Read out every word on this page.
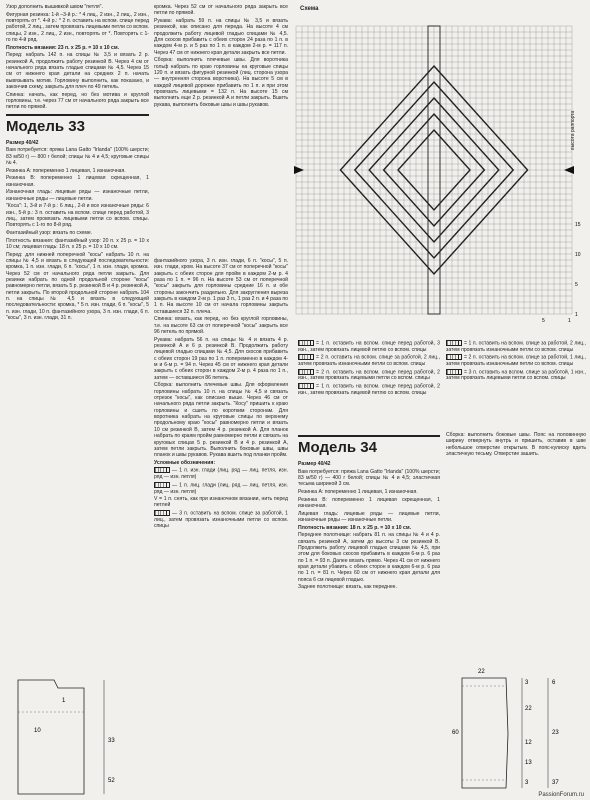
Узор дополнить вышивкой швом "петля".

Фигурная резинка: 1-й –3-й р.: * 4 лиц., 2 изн., 2 лиц., 2 изн., повторять от *. 4-й р.: * 2 п. оставить на вспом. спице перед работой, 2 лиц., затем провязать лицевыми петли со вспом. спицы, 2 изн., 2 лиц., 2 изн., повторять от *. Повторять с 1-го по 4-й ряд.

Плотность вязания: 23 п. х 25 р. = 10 х 10 см.

Перед: набрать 142 п. на спицы № 3,5 и вязать 2 р. резинкой А, продолжить работу резинкой В. Через 4 см от начального ряда вязать гладью спицами № 4,5. Через 15 см от нижнего края детали на средних 2 п. начать вывязывать мотив. Горловину выполнить, как показано, и закончив схему, закрыть для плеч по 49 петель.

Спинка: начать, как перед, но без мотива и круглой горловины, т.е. через 77 см от начального ряда закрыть все петли по прямой.

Модель 33

Размер 40/42

Вам потребуется: пряжа Lana Gatto "Irlanda" (100% шерсти; 83 м/50 г) — 800 г белой; спицы № 4 и 4,5; круговые спицы № 4.

Резинка А: попеременно 1 лицевая, 1 изнаночная.

Резинка В: попеременно 1 лицевая скрещенная, 1 изнаночная.

Изнаночная гладь: лицевые ряды — изнаночные петли, изнаночные ряды — лицевые петли.

"Коса": 1, 3-й и 7-й р.: 6 лиц., 2-й и все изнаночные ряды: 6 изн., 5-й р.: 3 п. оставить на вспом. спице перед работой, 3 лиц., затем провязать лицевыми петли со вспом. спицы. Повторять с 1-го по 8-й ряд.

Фантазийный узор: вязать по схеме.

Плотность вязания: фантазийный узор: 20 п. х 25 р. = 10 х 10 см; лицевая гладь: 18 п. х 25 р. = 10 х 10 см.

Перед: для нижней поперечной "косы" набрать 10 п. на спицы № 4,5 и вязать в следующей последовательности: кромка, 1 п. изн. глади, 6 п. "косы", 1 п. изн. глади, кромка. Через 52 см от начального ряда петли закрыть. Для резинки набрать по одной продольной стороне "косы" равномерно петли, вязать 5 р. резинкой В и 4 р. резинкой А, петли закрыть. По второй продольной стороне набрать 104 п. на спицы № 4,5 и вязать в следующей последовательности: кромка, * 5 п. изн. глади, 6 п. "косы", 5 п. изн. глади, 10 п. фантазийного узора, 3 п. изн. глади, 6 п. "косы", 3 п. изн. глади, 31 п.

1
10
33
52

кромка. Через 52 см от начального ряда закрыть все петли по прямой.

Рукава: набрать 59 п. на спицы № 3,5 и вязать резинкой, как описано для переда. На высоте 4 см продолжить работу лицевой гладью спицами № 4,5. Для скосов прибавить с обеих сторон 24 раза по 1 п. в каждом 4-м р. и 5 раз по 1 п. в каждом 2-м р. = 117 п. Через 47 см от нижнего края детали закрыть все петли.

Сборка: выполнить плечевые швы. Для воротника гольф набрать по краю горловины на круговые спицы 120 п. и вязать фигурной резинкой (лиц. сторона узора — внутренняя сторона воротника). На высоте 5 см в каждой лицевой дорожке прибавить по 1 п. и при этом провязать лицевыми = 132 п. На высоте 15 см выполнить еще 2 р. резинкой А и петли закрыть. Вшить рукава, выполнить боковые швы и швы рукавов.

фантазийного узора, 3 п. изн. глади, 6 п. "косы", 5 п. изн. глади, кром. На высоте 37 см от поперечной "косы" закрыть с обеих сторон для пройм в каждом 2-м р. 4 раза по 1 п. = 96 п. На высоте 53 см от поперечной "косы" закрыть для горловины средние 16 п. и обе стороны закончить раздельно. Для закругления выреза закрыть в каждом 2-м р. 1 раз 3 п., 1 раз 2 п. и 4 раза по 1 п. На высоте 10 см от начала горловины закрыть оставшиеся 32 п. плеча.

Спинка: вязать, как перед, но без круглой горловины, т.е. на высоте 63 см от поперечной "косы" закрыть все 96 петель по прямой.

Рукава: набрать 56 п. на спицы № 4 и вязать 4 р. резинкой А и 6 р. резинкой В. Продолжить работу лицевой гладью спицами № 4,5. Для скосов прибавить с обеих сторон 19 раз по 1 п. попеременно в каждом 4-м и 6-м р. = 94 п. Через 45 см от нижнего края детали закрыть с обеих сторон в каждом 2-м р. 4 раза по 1 п., затем — оставшиеся 86 петель.

Сборка: выполнить плечевые швы. Для оформления горловины набрать 10 п. на спицы № 4,5 и связать отрезок "косы", как описано выше. Через 46 см от начального ряда петли закрыть. "Косу" пришить к краю горловины и сшить по коротким сторонам. Для воротника набрать на круговые спицы по верхнему продольному краю "косы" равномерно петли и вязать 10 см резинкой В, затем 4 р. резинкой А. Для планок набрать по краям пройм равномерно петли и связать на круговых спицах 5 р. резинкой В и 4 р. резинкой А, затем петли закрыть. Выполнить боковые швы, швы планок и швы рукавов. Рукава вшить под планки пройм.

Условные обозначения:

— 1 п. изн. глади (лиц. ряд — лиц. петля, изн. ряд — изн. петля)

— 1 п. лиц. глади (лиц. ряд — лиц. петля, изн. ряд — изн. петля)

V = 1 п. снять, как при изнаночном вязании, нить перед петлей

— 3 п. оставить на вспом. спице за работой, 1 лиц., затем провязать изнаночными петли со вспом. спицы

Схема
1
5
10
15
5	1
высота раппорта

= 1 п. оставить на вспом. спице перед работой, 3 изн., затем провязать лицевой петлю со вспом. спицы

= 2 п. оставить на вспом. спице за работой, 2 лиц., затем провязать изнаночными петли со вспом. спицы

= 2 п. оставить на вспом. спице перед работой, 2 изн., затем провязать лицевыми петли со вспом. спицы

= 1 п. оставить на вспом. спице перед работой, 2 изн., затем провязать лицевой петлю со вспом. спицы

= 1 п. оставить на вспом. спице за работой, 2 лиц., затем провязать изнаночными петли со вспом. спицы

= 2 п. оставить на вспом. спице за работой, 1 лиц., затем провязать изнаночными петли со вспом. спицы

= 3 п. оставить на вспом. спице за работой, 1 изн., затем провязать лицевыми петли со вспом. спицы

Модель 34

Размер 40/42

Вам потребуется: пряжа Lana Gatto "Irlanda" (100% шерсти; 83 м/50 г) — 400 г белой; спицы № 4 и 4,5; эластичная тесьма шириной 3 см.

Резинка А: попеременно 1 лицевая, 1 изнаночная.

Резинка В: попеременно 1 лицевая скрещенная, 1 изнаночная.

Лицевая гладь: лицевые ряды — лицевые петли, изнаночные ряды — изнаночные петли.

Плотность вязания: 18 п. х 25 р. = 10 х 10 см.

Переднее полотнище: набрать 81 п. на спицы № 4 и 4 р. связать резинкой А, затем до высоты 3 см резинкой В. Продолжить работу лицевой гладью спицами № 4,5, при этом для боковых скосов прибавить в каждом 6-м р. 6 раз по 1 п. = 93 п. Далее вязать прямо. Через 41 см от нижнего края детали убавить с обеих сторон в каждом 6-м р. 6 раз по 1 п. = 81 п. Через 60 см от нижнего края детали для пояса 6 см лицевой гладью.

Заднее полотнище: вязать, как переднее.

Сборка: выполнить боковые швы. Пояс на половинную ширину отвернуть внутрь и пришить, оставив в шве небольшое отверстие открытым. В пояс-кулиску вдеть эластичную тесьму. Отверстие зашить.

22
3
22
6
23
60
12
13
3	37
PassionForum.ru
